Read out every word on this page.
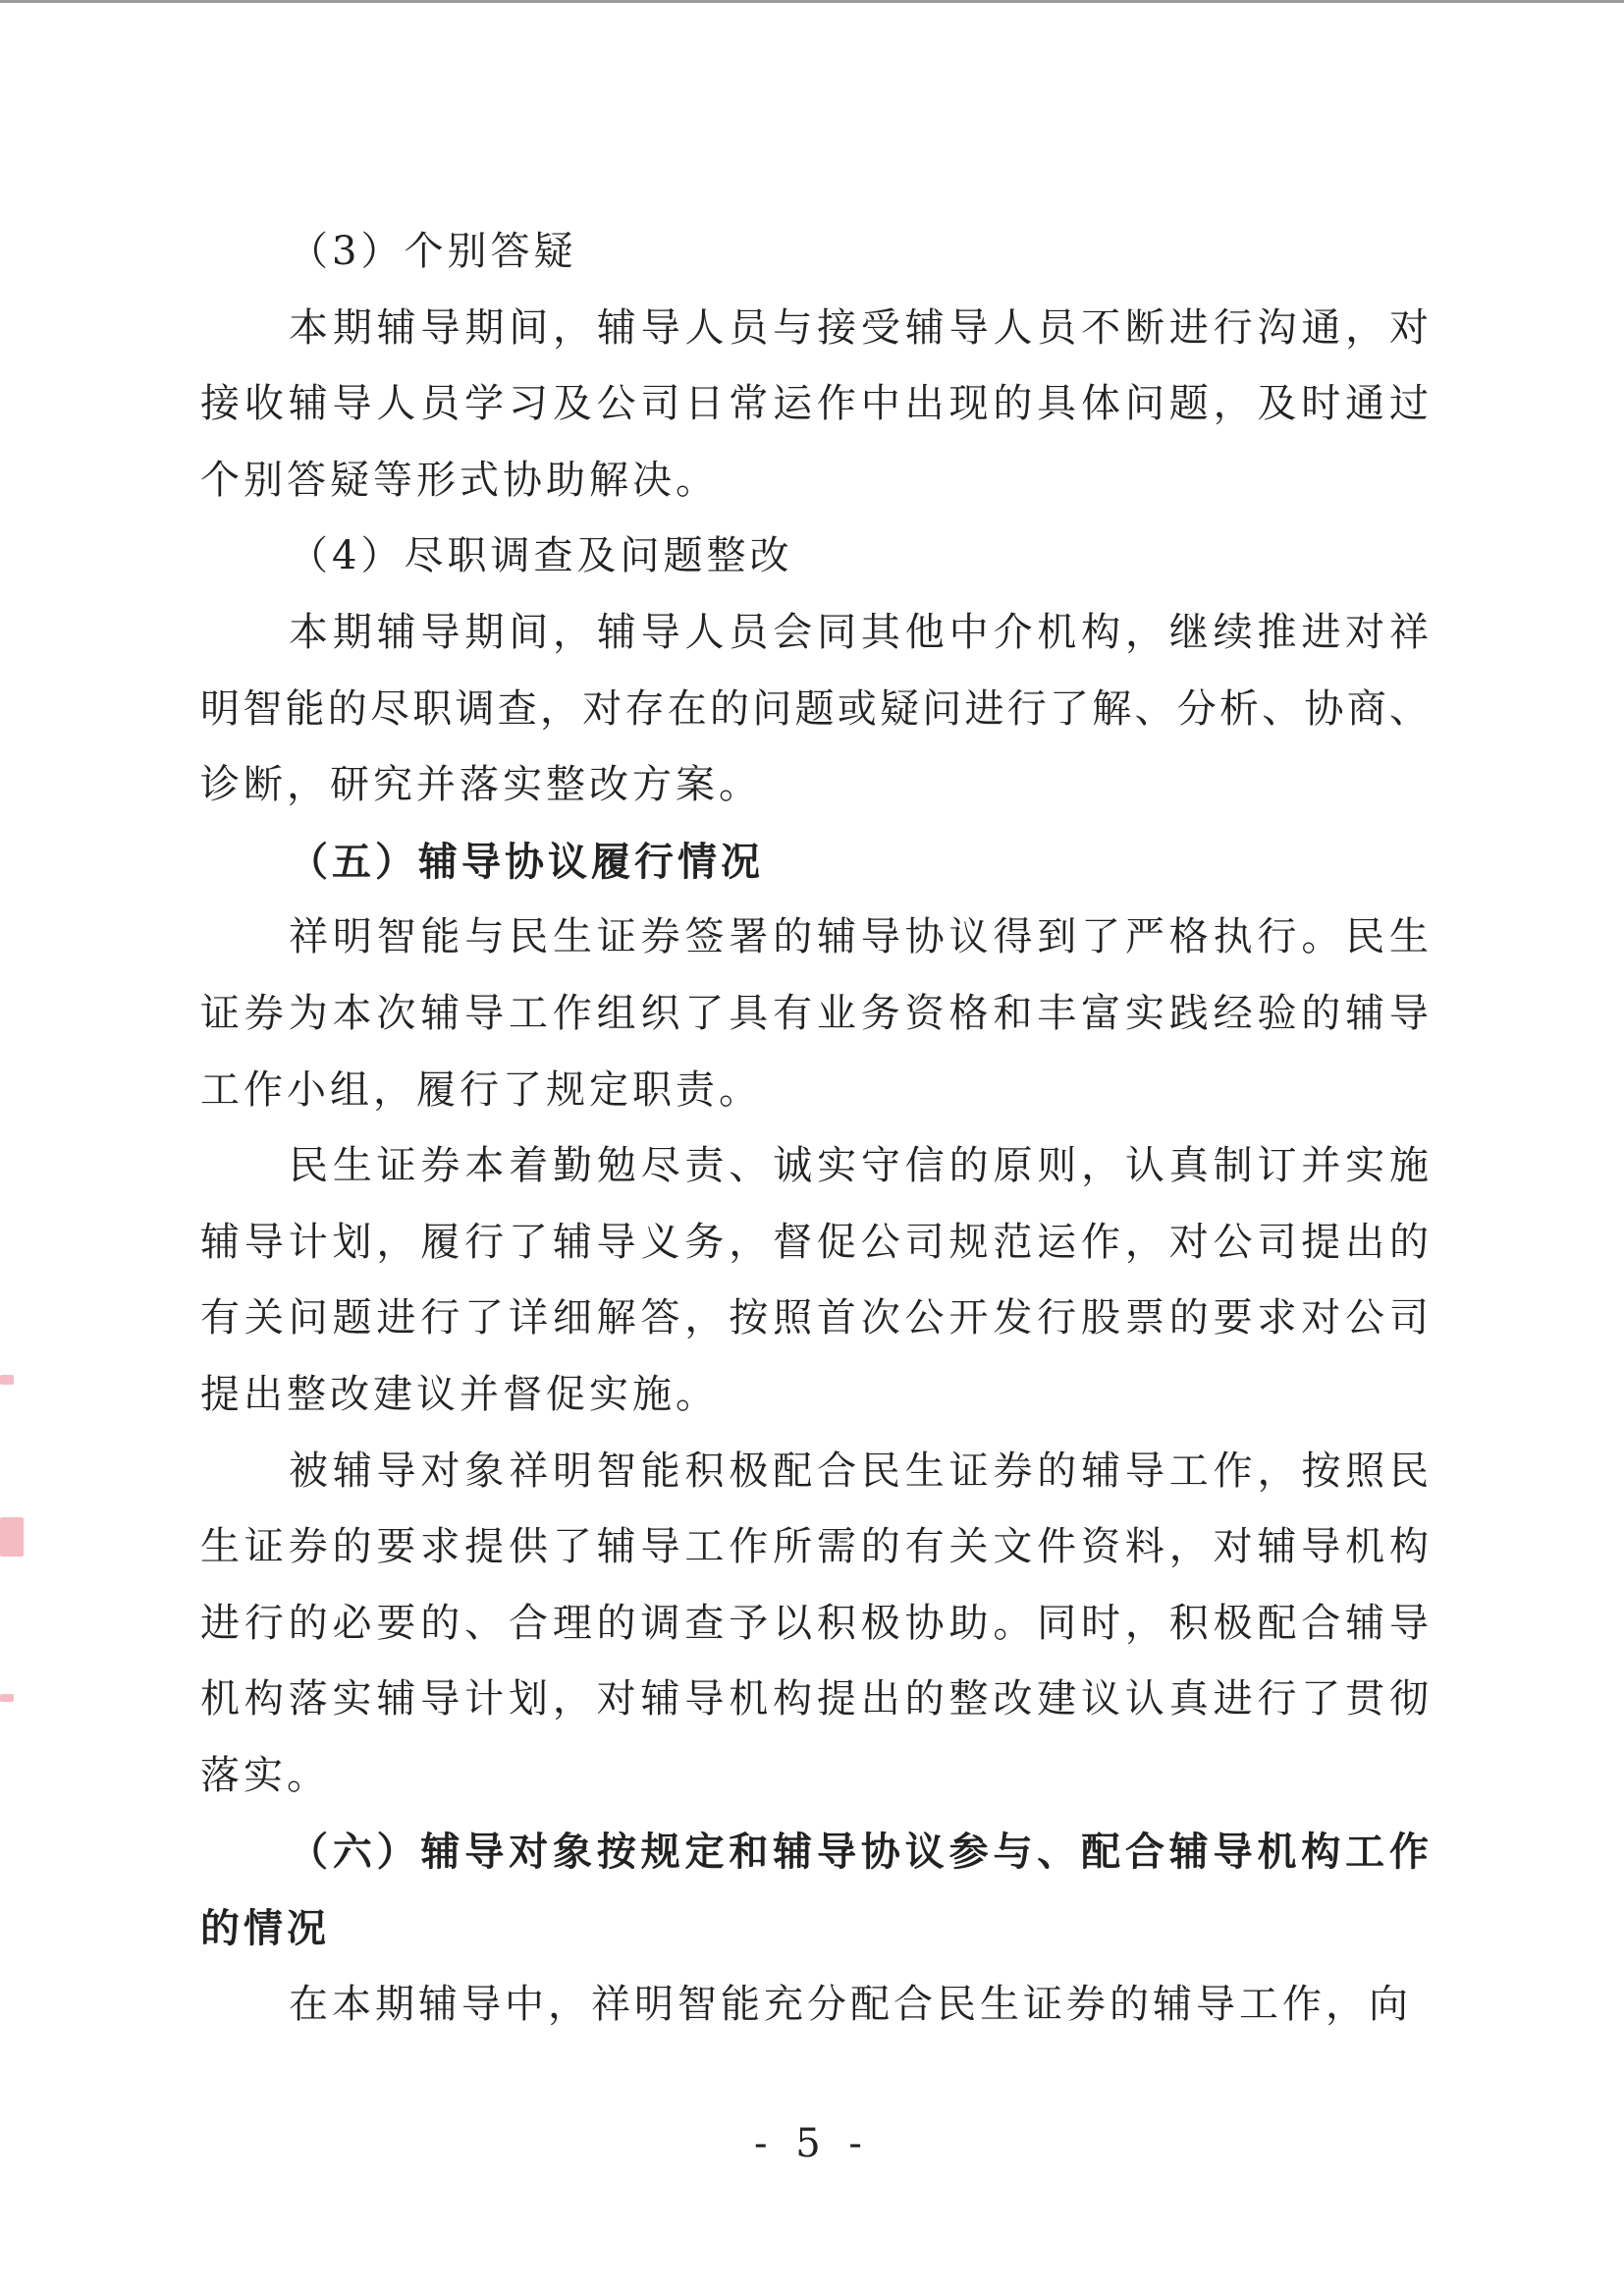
（3）个别答疑
本期辅导期间，辅导人员与接受辅导人员不断进行沟通，对
接收辅导人员学习及公司日常运作中出现的具体问题，及时通过
个别答疑等形式协助解决。
（4）尽职调查及问题整改
本期辅导期间，辅导人员会同其他中介机构，继续推进对祥
明智能的尽职调查，对存在的问题或疑问进行了解、分析、协商、
诊断，研究并落实整改方案。
（五）辅导协议履行情况
祥明智能与民生证券签署的辅导协议得到了严格执行。民生
证券为本次辅导工作组织了具有业务资格和丰富实践经验的辅导
工作小组，履行了规定职责。
民生证券本着勤勉尽责、诚实守信的原则，认真制订并实施
辅导计划，履行了辅导义务，督促公司规范运作，对公司提出的
有关问题进行了详细解答，按照首次公开发行股票的要求对公司
提出整改建议并督促实施。
被辅导对象祥明智能积极配合民生证券的辅导工作，按照民
生证券的要求提供了辅导工作所需的有关文件资料，对辅导机构
进行的必要的、合理的调查予以积极协助。同时，积极配合辅导
机构落实辅导计划，对辅导机构提出的整改建议认真进行了贯彻
落实。
（六）辅导对象按规定和辅导协议参与、配合辅导机构工作
的情况
在本期辅导中，祥明智能充分配合民生证券的辅导工作，向
- 5 -
